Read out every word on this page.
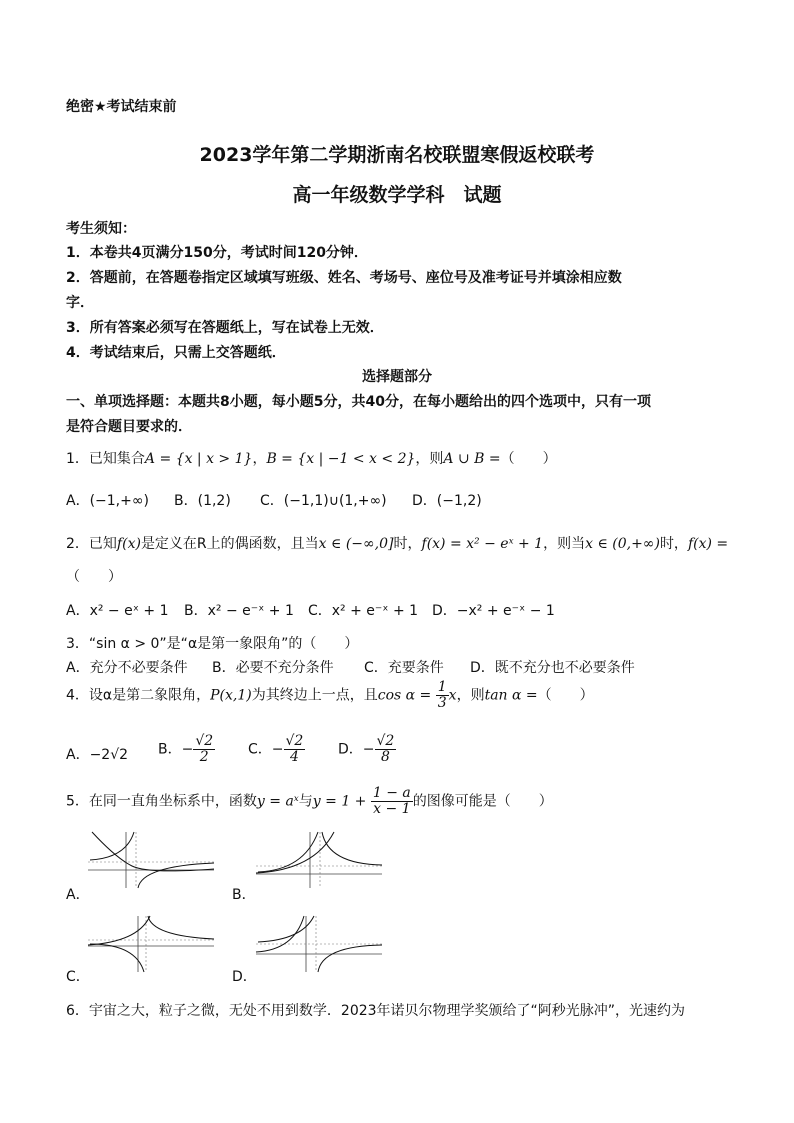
绝密★考试结束前
2023学年第二学期浙南名校联盟寒假返校联考
高一年级数学学科　试题
考生须知：
1．本卷共4页满分150分，考试时间120分钟．
2．答题前，在答题卷指定区域填写班级、姓名、考场号、座位号及准考证号并填涂相应数
字．
3．所有答案必须写在答题纸上，写在试卷上无效．
4．考试结束后，只需上交答题纸．
选择题部分
一、单项选择题：本题共8小题，每小题5分，共40分，在每小题给出的四个选项中，只有一项
是符合题目要求的．
1．已知集合A = {x | x > 1}，B = {x | −1 < x < 2}，则A ∪ B =（　　）
A．(−1,+∞) B．(1,2) C．(−1,1)∪(1,+∞) D．(−1,2)
2．已知f(x)是定义在R上的偶函数，且当x ∈ (−∞,0]时，f(x) = x² − eˣ + 1，则当x ∈ (0,+∞)时，f(x) =
（　　）
A．x² − eˣ + 1 B．x² − e⁻ˣ + 1 C．x² + e⁻ˣ + 1 D．−x² + e⁻ˣ − 1
3．“sin α > 0”是“α是第一象限角”的（　　）
A．充分不必要条件 B．必要不充分条件 C．充要条件 D．既不充分也不必要条件
4．设α是第二象限角，P(x,1)为其终边上一点，且$\cos \alpha = \frac{1}{3}$ x，则tan α =（　　）
A．−2√2 B．− $\frac{√2}{2}$ C．− $\frac{√2}{4}$ D．− $\frac{√2}{8}$
5．在同一直角坐标系中，函数y = aˣ与$y = 1 + \frac{1 - a}{x - 1}$ 的图像可能是（　　）
A．	B．
C．	D．
6．宇宙之大，粒子之微，无处不用到数学．2023年诺贝尔物理学奖颁给了“阿秒光脉冲”，光速约为
